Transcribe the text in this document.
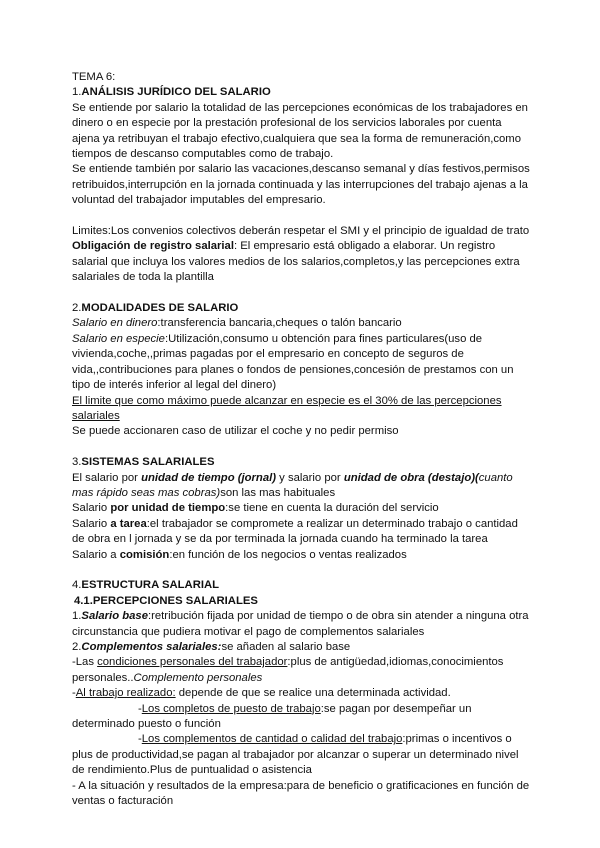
TEMA 6:

1.ANÁLISIS JURÍDICO DEL SALARIO

Se entiende por salario la totalidad de las percepciones económicas de los trabajadores en dinero o en especie por la prestación profesional de los servicios laborales por cuenta ajena ya retribuyan el trabajo efectivo,cualquiera que sea la forma de remuneración,como tiempos de descanso computables como de trabajo.

Se entiende también por salario las vacaciones,descanso semanal y días festivos,permisos retribuidos,interrupción en la jornada continuada y las interrupciones del trabajo ajenas a la voluntad del trabajador imputables del empresario.

Limites:Los convenios colectivos deberán respetar el SMI y el principio de igualdad de trato

Obligación de registro salarial: El empresario está obligado a elaborar. Un registro salarial que incluya los valores medios de los salarios,completos,y las percepciones extra salariales de toda la plantilla

2.MODALIDADES DE SALARIO

Salario en dinero:transferencia bancaria,cheques o talón bancario

Salario en especie:Utilización,consumo u obtención para fines particulares(uso de vivienda,coche,,primas pagadas por el empresario en concepto de seguros de vida,,contribuciones para planes o fondos de pensiones,concesión de prestamos con un tipo de interés inferior al legal del dinero)

El limite que como máximo puede alcanzar en especie es el 30% de las percepciones salariales

Se puede accionaren caso de utilizar el coche y no pedir permiso

3.SISTEMAS SALARIALES

El salario por unidad de tiempo (jornal) y salario por unidad de obra (destajo)(cuanto mas rápido seas mas cobras)son las mas habituales

Salario por unidad de tiempo:se tiene en cuenta la duración del servicio

Salario a tarea:el trabajador se compromete a realizar un determinado trabajo o cantidad de obra en l jornada y se da por terminada la jornada cuando ha terminado la tarea

Salario a comisión:en función de los negocios o ventas realizados

4.ESTRUCTURA SALARIAL

4.1.PERCEPCIONES SALARIALES

1.Salario base:retribución fijada por unidad de tiempo o de obra sin atender a ninguna otra circunstancia que pudiera motivar el pago de complementos salariales

2.Complementos salariales:se añaden al salario base

-Las condiciones personales del trabajador:plus de antigüedad,idiomas,conocimientos personales..Complemento personales

-Al trabajo realizado: depende de que se realice una determinada actividad.

-Los completos de puesto de trabajo:se pagan por desempeñar un determinado puesto o función

-Los complementos de cantidad o calidad del trabajo:primas o incentivos o plus de productividad,se pagan al trabajador por alcanzar o superar un determinado nivel de rendimiento.Plus de puntualidad o asistencia

- A la situación y resultados de la empresa:para de beneficio o gratificaciones en función de ventas o facturación
